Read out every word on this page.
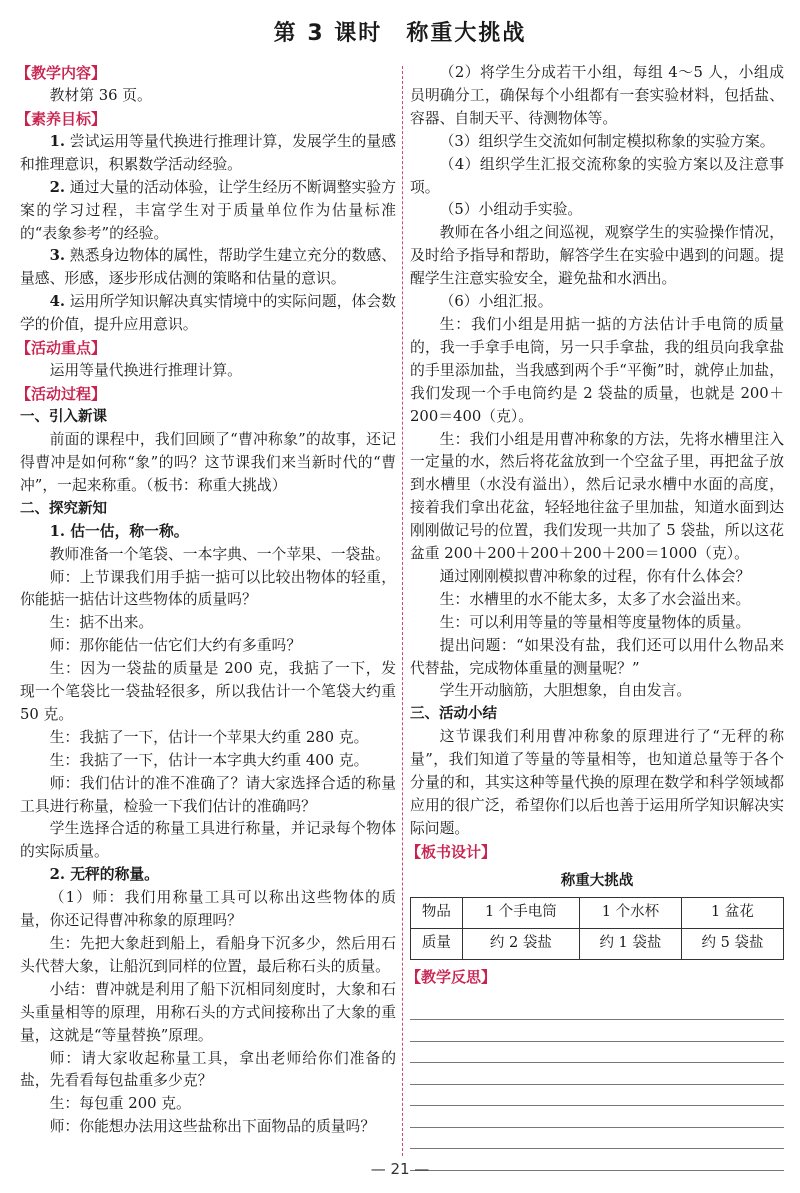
第 3 课时 称重大挑战
【教学内容】

教材第 36 页。

【素养目标】

1. 尝试运用等量代换进行推理计算，发展学生的量感和推理意识，积累数学活动经验。

2. 通过大量的活动体验，让学生经历不断调整实验方案的学习过程，丰富学生对于质量单位作为估量标准的“表象参考”的经验。

3. 熟悉身边物体的属性，帮助学生建立充分的数感、量感、形感，逐步形成估测的策略和估量的意识。

4. 运用所学知识解决真实情境中的实际问题，体会数学的价值，提升应用意识。

【活动重点】

运用等量代换进行推理计算。

【活动过程】
一、引入新课

前面的课程中，我们回顾了“曹冲称象”的故事，还记得曹冲是如何称“象”的吗？这节课我们来当新时代的“曹冲”，一起来称重。（板书：称重大挑战）

二、探究新知

1. 估一估，称一称。

教师准备一个笔袋、一本字典、一个苹果、一袋盐。

师：上节课我们用手掂一掂可以比较出物体的轻重，你能掂一掂估计这些物体的质量吗？

生：掂不出来。

师：那你能估一估它们大约有多重吗？

生：因为一袋盐的质量是 200 克，我掂了一下，发现一个笔袋比一袋盐轻很多，所以我估计一个笔袋大约重 50 克。

生：我掂了一下，估计一个苹果大约重 280 克。

生：我掂了一下，估计一本字典大约重 400 克。

师：我们估计的准不准确了？请大家选择合适的称量工具进行称量，检验一下我们估计的准确吗？

学生选择合适的称量工具进行称量，并记录每个物体的实际质量。

2. 无秤的称量。

（1）师：我们用称量工具可以称出这些物体的质量，你还记得曹冲称象的原理吗？

生：先把大象赶到船上，看船身下沉多少，然后用石头代替大象，让船沉到同样的位置，最后称石头的质量。

小结：曹冲就是利用了船下沉相同刻度时，大象和石头重量相等的原理，用称石头的方式间接称出了大象的重量，这就是“等量替换”原理。

师：请大家收起称量工具，拿出老师给你们准备的盐，先看看每包盐重多少克？

生：每包重 200 克。

师：你能想办法用这些盐称出下面物品的质量吗？

（2）将学生分成若干小组，每组 4～5 人，小组成员明确分工，确保每个小组都有一套实验材料，包括盐、容器、自制天平、待测物体等。

（3）组织学生交流如何制定模拟称象的实验方案。

（4）组织学生汇报交流称象的实验方案以及注意事项。

（5）小组动手实验。

教师在各小组之间巡视，观察学生的实验操作情况，及时给予指导和帮助，解答学生在实验中遇到的问题。提醒学生注意实验安全，避免盐和水洒出。

（6）小组汇报。

生：我们小组是用掂一掂的方法估计手电筒的质量的，我一手拿手电筒，另一只手拿盐，我的组员向我拿盐的手里添加盐，当我感到两个手“平衡”时，就停止加盐，我们发现一个手电筒约是 2 袋盐的质量，也就是 200＋200＝400（克）。

生：我们小组是用曹冲称象的方法，先将水槽里注入一定量的水，然后将花盆放到一个空盆子里，再把盆子放到水槽里（水没有溢出），然后记录水槽中水面的高度，接着我们拿出花盆，轻轻地往盆子里加盐，知道水面到达刚刚做记号的位置，我们发现一共加了 5 袋盐，所以这花盆重 200＋200＋200＋200＋200＝1000（克）。

通过刚刚模拟曹冲称象的过程，你有什么体会？

生：水槽里的水不能太多，太多了水会溢出来。

生：可以利用等量的等量相等度量物体的质量。

提出问题：“如果没有盐，我们还可以用什么物品来代替盐，完成物体重量的测量呢？”

学生开动脑筋，大胆想象，自由发言。

三、活动小结

这节课我们利用曹冲称象的原理进行了“无秤的称量”，我们知道了等量的等量相等，也知道总量等于各个分量的和，其实这种等量代换的原理在数学和科学领域都应用的很广泛，希望你们以后也善于运用所学知识解决实际问题。

【板书设计】
称重大挑战
物品	1 个手电筒	1 个水杯	1 盆花
质量	约 2 袋盐	约 1 袋盐	约 5 袋盐
【教学反思】
— 21 —
